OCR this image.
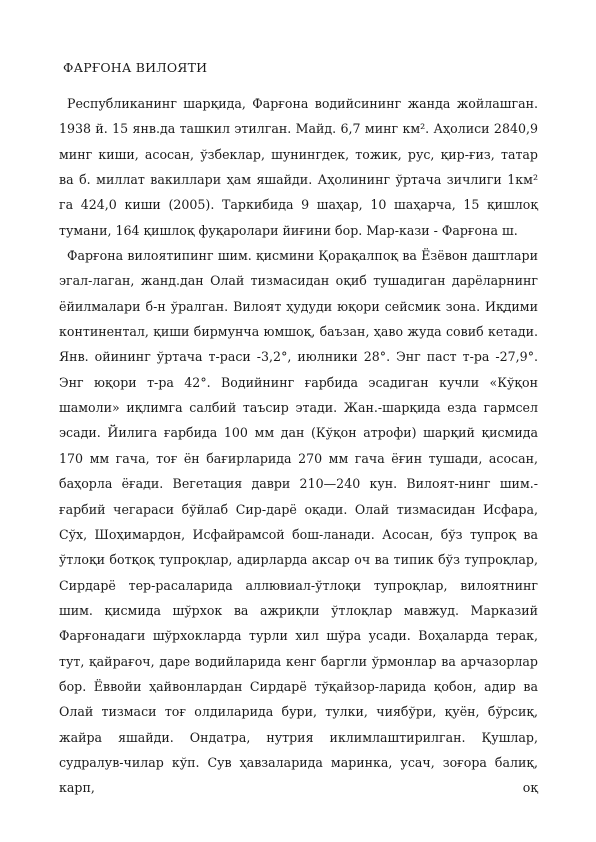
ФАРҒОНА ВИЛОЯТИ

Республиканинг шарқида, Фарғона водийсининг жанда жойлашган. 1938 й. 15 янв.да ташкил этилган. Майд. 6,7 минг км². Аҳолиси 2840,9 минг киши, асосан, ўзбеклар, шунингдек, тожик, рус, қир-ғиз, татар ва б. миллат вакиллари ҳам яшайди. Аҳолининг ўртача зичлиги 1км² га 424,0 киши (2005). Таркибида 9 шаҳар, 10 шаҳарча, 15 қишлоқ тумани, 164 қишлоқ фуқаролари йиғини бор. Мар-кази - Фарғона ш.

Фарғона вилоятипинг шим. қисмини Қорақалпоқ ва Ёзёвон даштлари эгал-лаган, жанд.дан Олай тизмасидан оқиб тушадиган дарёларнинг ёйилмалари б-н ўралган. Вилоят ҳудуди юқори сейсмик зона. Иқдими континентал, қиши бирмунча юмшоқ, баъзан, ҳаво жуда совиб кетади. Янв. ойининг ўртача т-раси -3,2°, июлники 28°. Энг паст т-ра -27,9°. Энг юқори т-ра 42°. Водийнинг ғарбида эсадиган кучли «Кўқон шамоли» иқлимга салбий таъсир этади. Жан.-шарқида езда гармсел эсади. Йилига ғарбида 100 мм дан (Кўқон атрофи) шарқий қисмида 170 мм гача, тоғ ён бағирларида 270 мм гача ёғин тушади, асосан, баҳорла ёғади. Вегетация даври 210—240 кун. Вилоят-нинг шим.-ғарбий чегараси бўйлаб Сир-дарё оқади. Олай тизмасидан Исфара, Сўх, Шоҳимардон, Исфайрамсой бош-ланади. Асосан, бўз тупроқ ва ўтлоқи ботқоқ тупроқлар, адирларда аксар оч ва типик бўз тупроқлар, Сирдарё тер-расаларида аллювиал-ўтлоқи тупроқлар, вилоятнинг шим. қисмида шўрхок ва ажриқли ўтлоқлар мавжуд. Марказий Фарғонадаги шўрхокларда турли хил шўра усади. Воҳаларда терак, тут, қайрағоч, даре водийларида кенг баргли ўрмонлар ва арчазорлар бор. Ёввойи ҳайвонлардан Сирдарё тўқайзор-ларида қобон, адир ва Олай тизмаси тоғ олдиларида бури, тулки, чиябўри, қуён, бўрсиқ, жайра яшайди. Ондатра, нутрия иклимлаштирилган. Қушлар, судралув-чилар кўп. Сув ҳавзаларида маринка, усач, зоғора балиқ, карп, оқ
